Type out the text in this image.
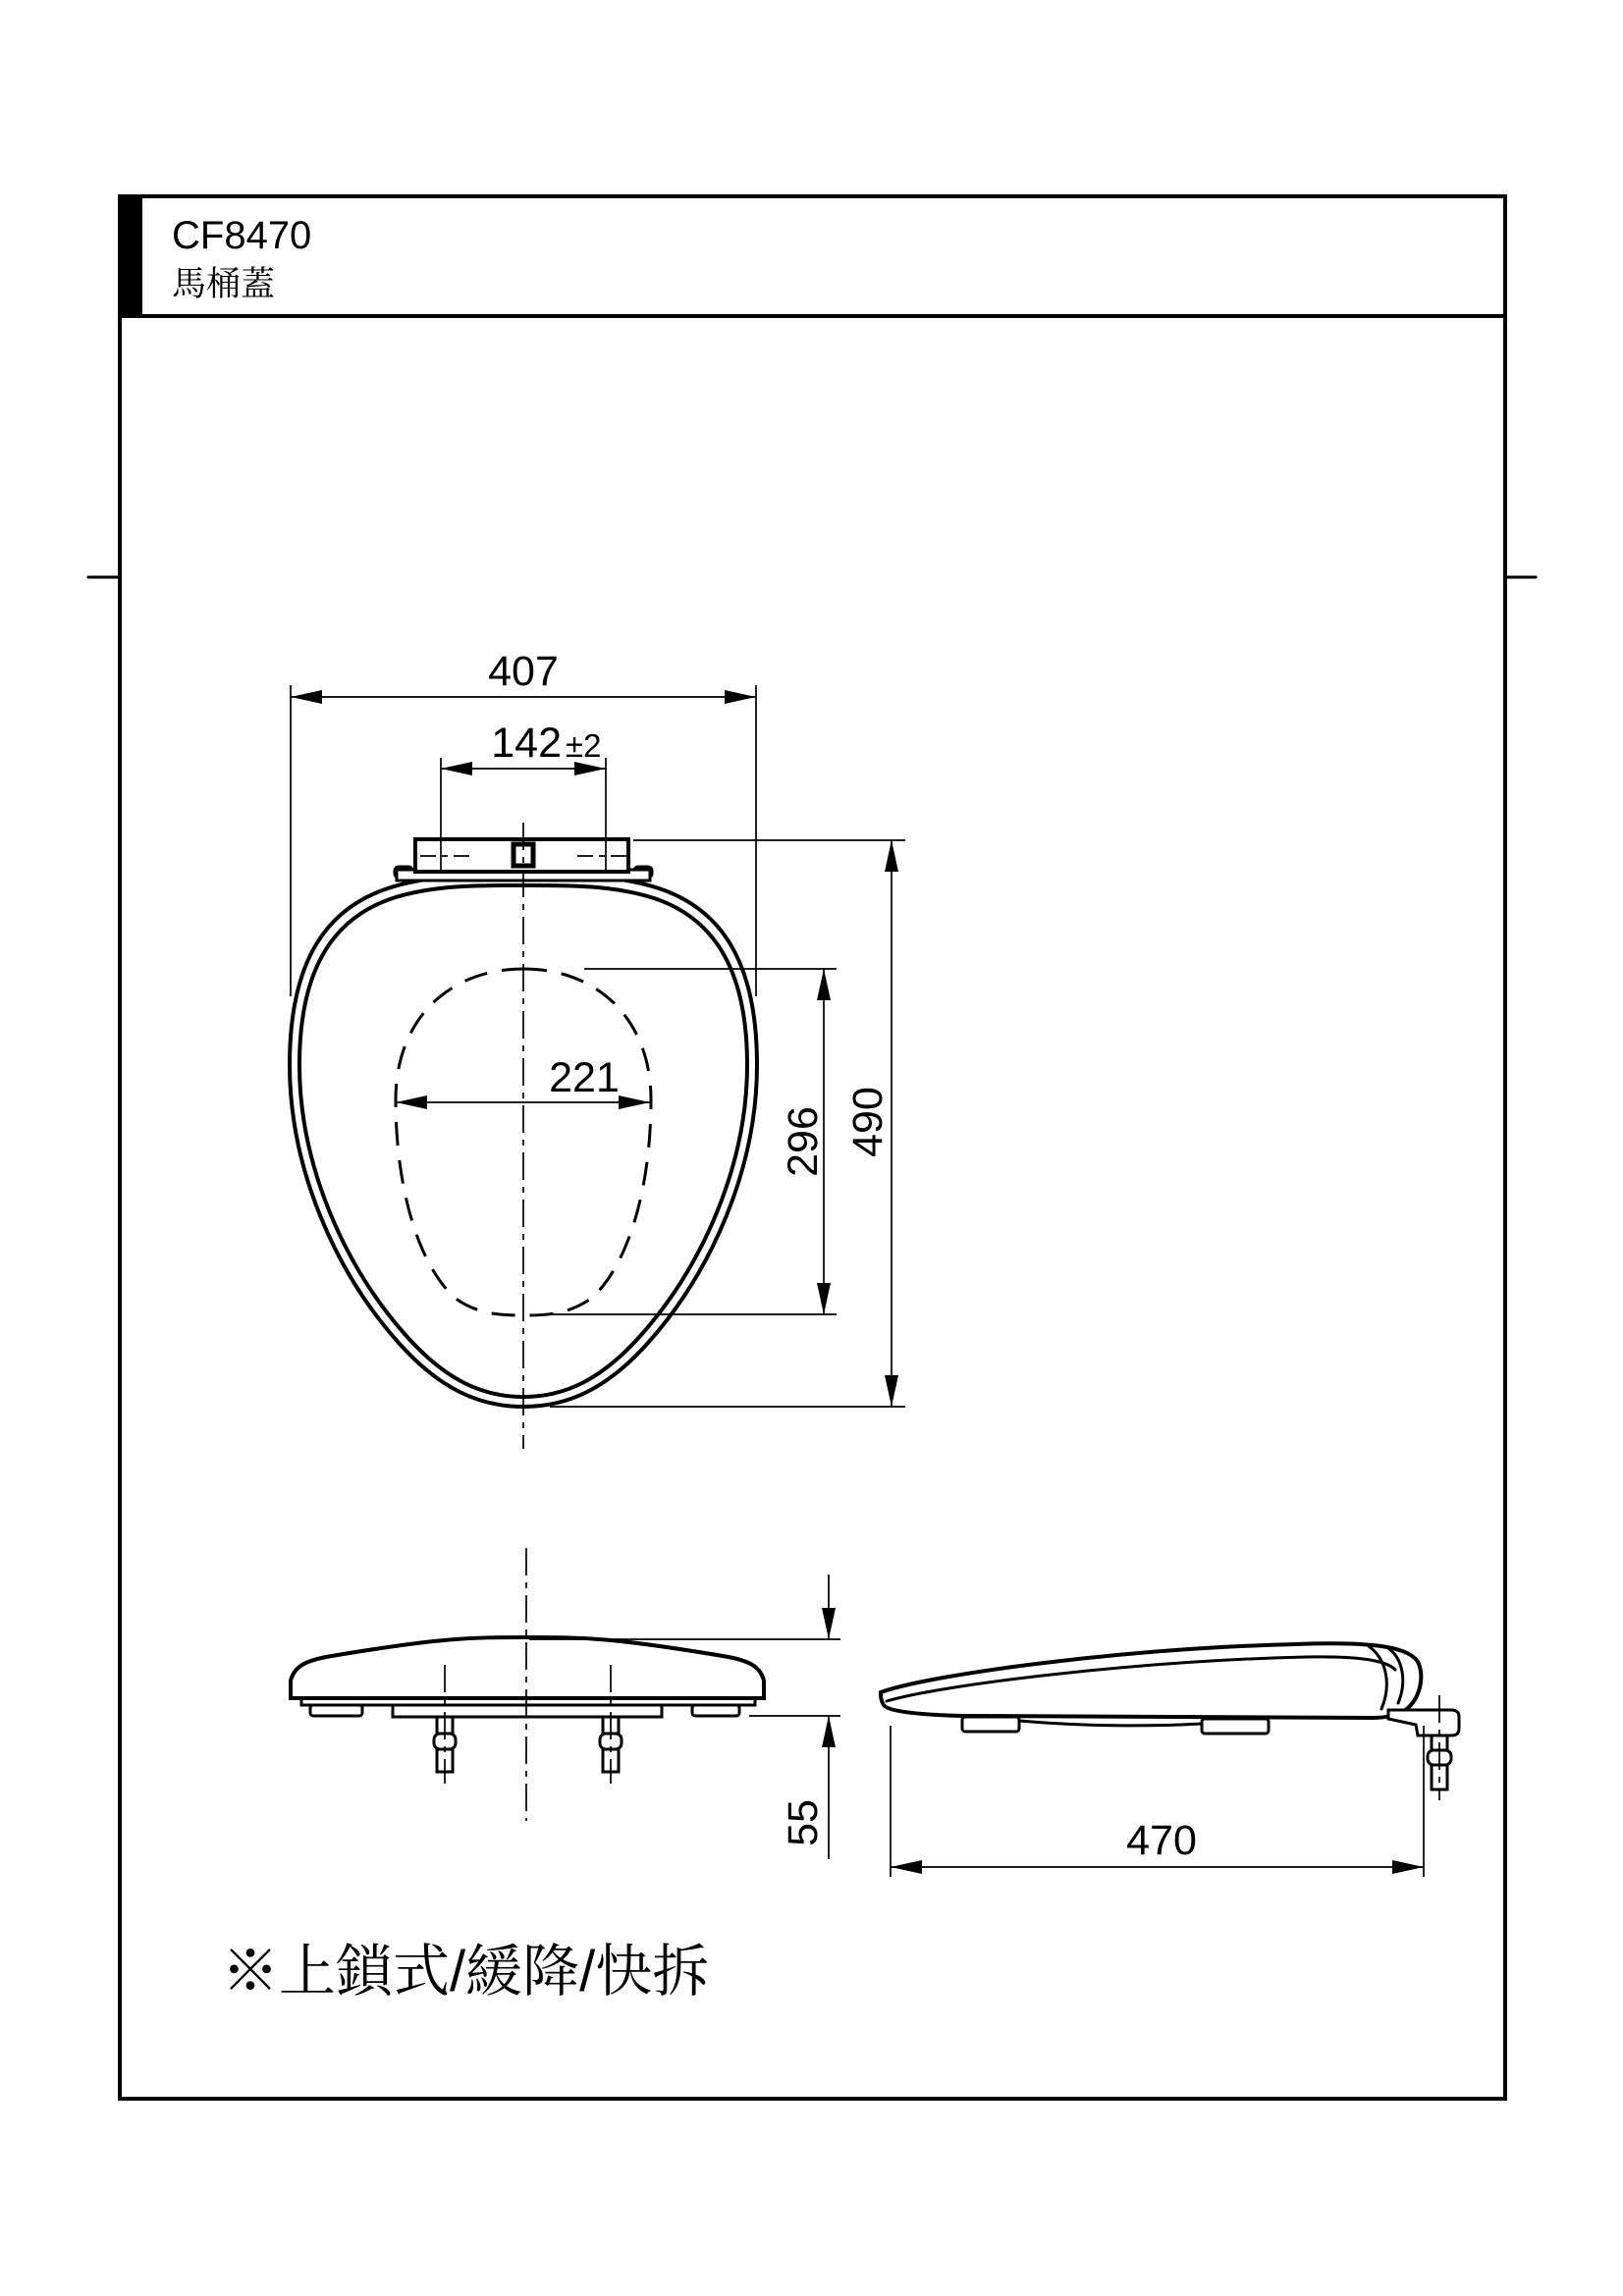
CF8470
馬桶蓋
407
142 ±2
221
296 490
55	470
※上鎖式/緩降/快拆
